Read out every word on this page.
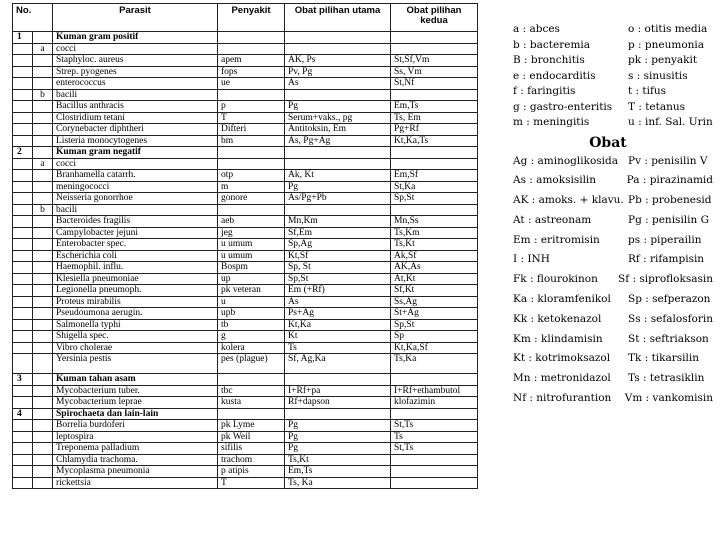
No.		Parasit	Penyakit	Obat pilihan utama	Obat pilihan kedua
1		Kuman gram positif			
	a	cocci			
		Staphyloc. aureus	apem	AK, Ps	St,Sf,Vm
		Strep. pyogenes	fops	Pv, Pg	Ss, Vm
		enterococcus	ue	As	St,Nf
	b	bacili			
		Bacillus anthracis	p	Pg	Em,Ts
		Clostridium tetani	T	Serum+vaks., pg	Ts, Em
		Corynebacter diphtheri	Difteri	Antitoksin, Em	Pg+Rf
		Listeria monocytogenes	bm	As, Pg+Ag	Kt,Ka,Ts
2		Kuman gram negatif			
	a	cocci			
		Branhamella catarrh.	otp	Ak, Kt	Em,Sf
		meningococci	m	Pg	St,Ka
		Neisseria gonorrhoe	gonore	As/Pg+Pb	Sp,St
	b	bacili			
		Bacteroides fragilis	aeb	Mn,Km	Mn,Ss
		Campylobacter jejuni	jeg	Sf,Em	Ts,Km
		Enterobacter spec.	u umum	Sp,Ag	Ts,Kt
		Escherichia coli	u umum	Kt,Sf	Ak,Sf
		Haemophil. influ.	Bospm	Sp, St	AK,As
		Klesiella pneumoniae	up	Sp,St	At,Kt
		Legionella pneumoph.	pk veteran	Em (+Rf)	Sf,Kt
		Proteus mirabilis	u	As	Ss,Ag
		Pseudoumona aerugin.	upb	Ps+Ag	St+Ag
		Salmonella typhi	tb	Kt,Ka	Sp,St
		Shigella spec.	g	Kt	Sp
		Vibro cholerae	kolera	Ts	Kt,Ka,Sf
		Yersinia pestis	pes (plague)	Sf, Ag,Ka	Ts,Ka
3		Kuman tahan asam			
		Mycobacterium tuber.	tbc	I+Rf+pa	I+Rf+ethambutol
		Mycobacterium leprae	kusta	Rf+dapson	klofazimin
4		Spirochaeta dan lain-lain			
		Borrelia burdoferi	pk Lyme	Pg	St,Ts
		leptospira	pk Weil	Pg	Ts
		Treponema palladium	sifilis	Pg	St,Ts
		Chlamydia trachoma.	trachom	Ts,Kt	
		Mycoplasma pneumonia	p atipis	Em,Ts	
		rickettsia	T	Ts, Ka	
a : abces	o : otitis media
b : bacteremia	p : pneumonia
B : bronchitis	pk : penyakit
e : endocarditis	s : sinusitis
f : faringitis	t : tifus
g : gastro-enteritis	T : tetanus
m : meningitis	u : inf. Sal. Urin
Obat
Ag : aminoglikosida Pv : penisilin V
As : amoksisilin	Pa : pirazinamid
AK : amoks. + klavu. Pb : probenesid
At : astreonam	Pg : penisilin G
Em : eritromisin	ps : piperailin
I : INH	Rf : rifampisin
Fk : flourokinon	Sf : siprofloksasin
Ka : kloramfenikol	Sp : sefperazon
Kk : ketokenazol	Ss : sefalosforin
Km : klindamisin	St : seftriakson
Kt : kotrimoksazol	Tk : tikarsilin
Mn : metronidazol	Ts : tetrasiklin
Nf : nitrofurantion	Vm : vankomisin
